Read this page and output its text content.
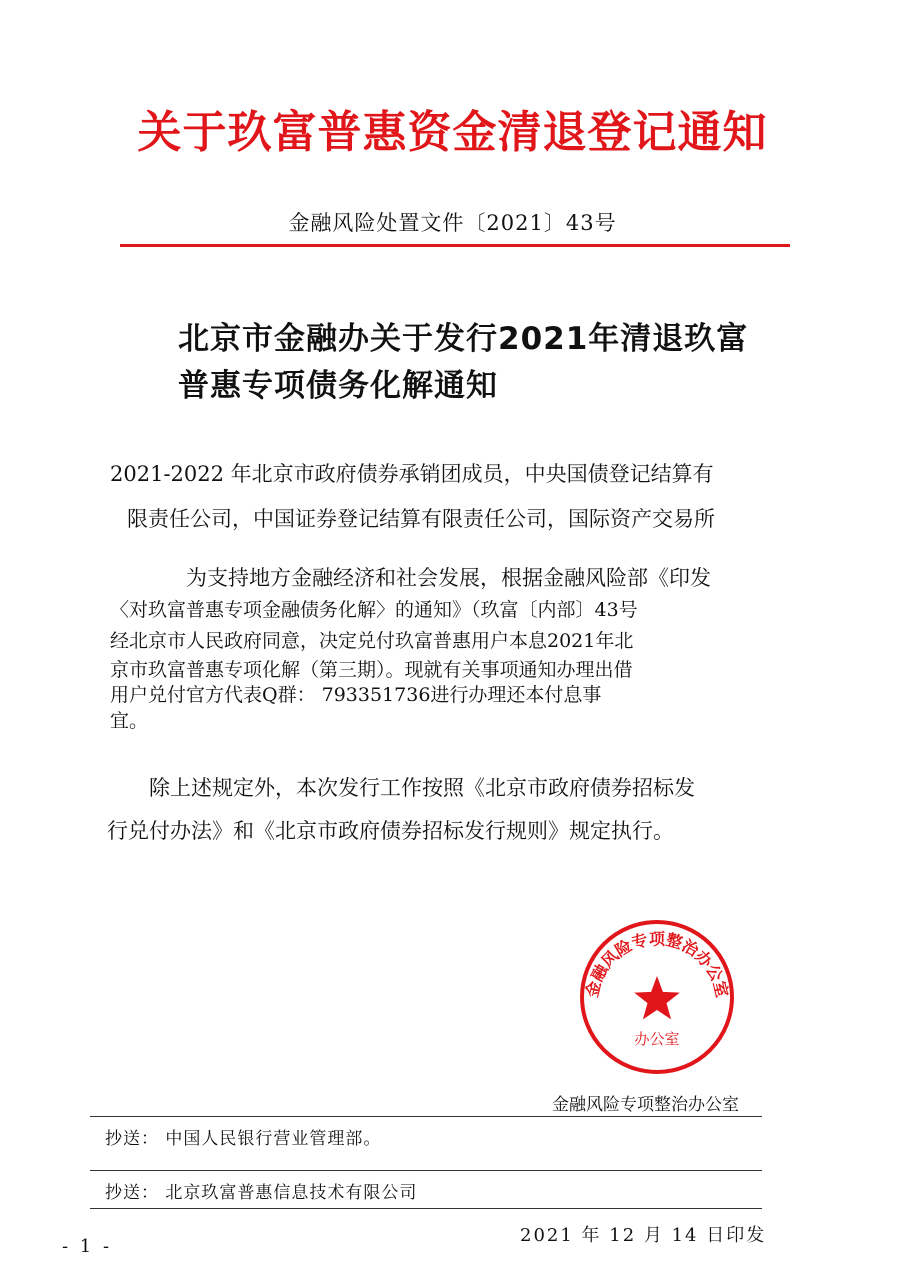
关于玖富普惠资金清退登记通知
金融风险处置文件〔2021〕43号
北京市金融办关于发行2021年清退玖富
普惠专项债务化解通知
2021-2022 年北京市政府债券承销团成员，中央国债登记结算有
限责任公司，中国证券登记结算有限责任公司，国际资产交易所
为支持地方金融经济和社会发展，根据金融风险部《印发
〈对玖富普惠专项金融债务化解〉的通知》（玖富〔内部〕43号
经北京市人民政府同意，决定兑付玖富普惠用户本息2021年北
京市玖富普惠专项化解（第三期）。现就有关事项通知办理出借
用户兑付官方代表Q群： 793351736进行办理还本付息事
宜。
除上述规定外，本次发行工作按照《北京市政府债券招标发
行兑付办法》和《北京市政府债券招标发行规则》规定执行。
金融风险专项整治办公室
办公室
金融风险专项整治办公室
抄送： 中国人民银行营业管理部。
抄送： 北京玖富普惠信息技术有限公司
2021 年 12 月 14 日印发
- 1 -
